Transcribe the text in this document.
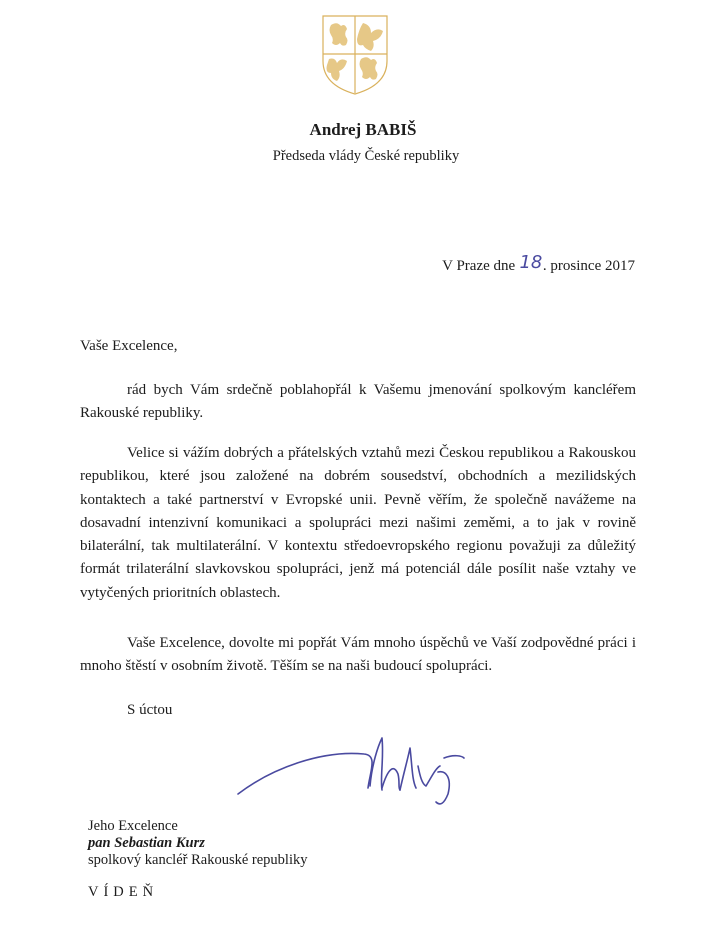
Andrej BABIŠ
Předseda vlády České republiky
V Praze dne 18. prosince 2017
Vaše Excelence,

rád bych Vám srdečně poblahopřál k Vašemu jmenování spolkovým kancléřem Rakouské republiky.

Velice si vážím dobrých a přátelských vztahů mezi Českou republikou a Rakouskou republikou, které jsou založené na dobrém sousedství, obchodních a mezilidských kontaktech a také partnerství v Evropské unii. Pevně věřím, že společně navážeme na dosavadní intenzivní komunikaci a spolupráci mezi našimi zeměmi, a to jak v rovině bilaterální, tak multilaterální. V kontextu středoevropského regionu považuji za důležitý formát trilaterální slavkovskou spolupráci, jenž má potenciál dále posílit naše vztahy ve vytyčených prioritních oblastech.

Vaše Excelence, dovolte mi popřát Vám mnoho úspěchů ve Vaší zodpovědné práci i mnoho štěstí v osobním životě. Těším se na naši budoucí spolupráci.

S úctou
Jeho Excelence
pan Sebastian Kurz
spolkový kancléř Rakouské republiky
VÍDEŇ
